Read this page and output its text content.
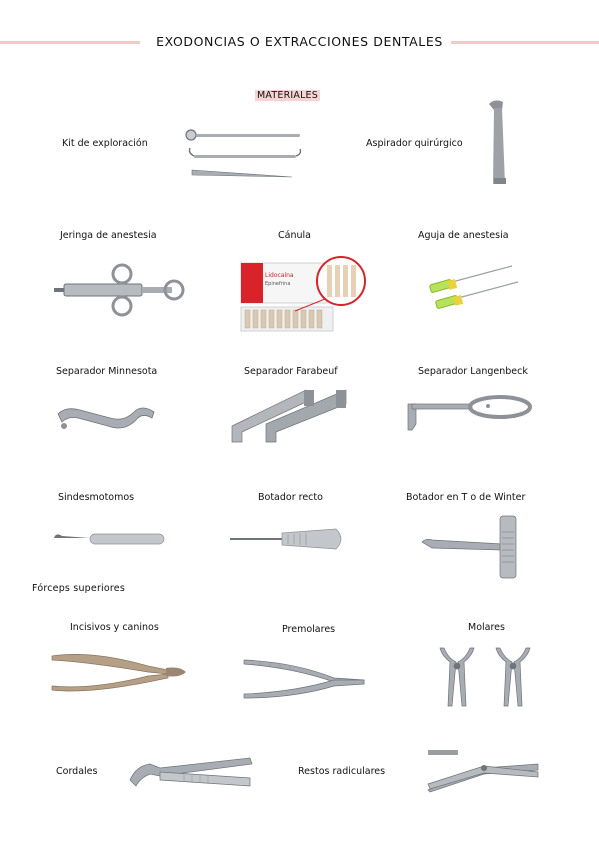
EXODONCIAS O EXTRACCIONES DENTALES
MATERIALES
Kit de exploración	Aspirador quirúrgico
Jeringa de anestesia	Cánula
Lidocaína
Epinefrina
Aguja de anestesia
Separador Minnesota	Separador Farabeuf	Separador Langenbeck
Sindesmotomos	Botador recto	Botador en T o de Winter
Fórceps superiores
Incisivos y caninos	Premolares	Molares
Cordales	Restos radiculares
